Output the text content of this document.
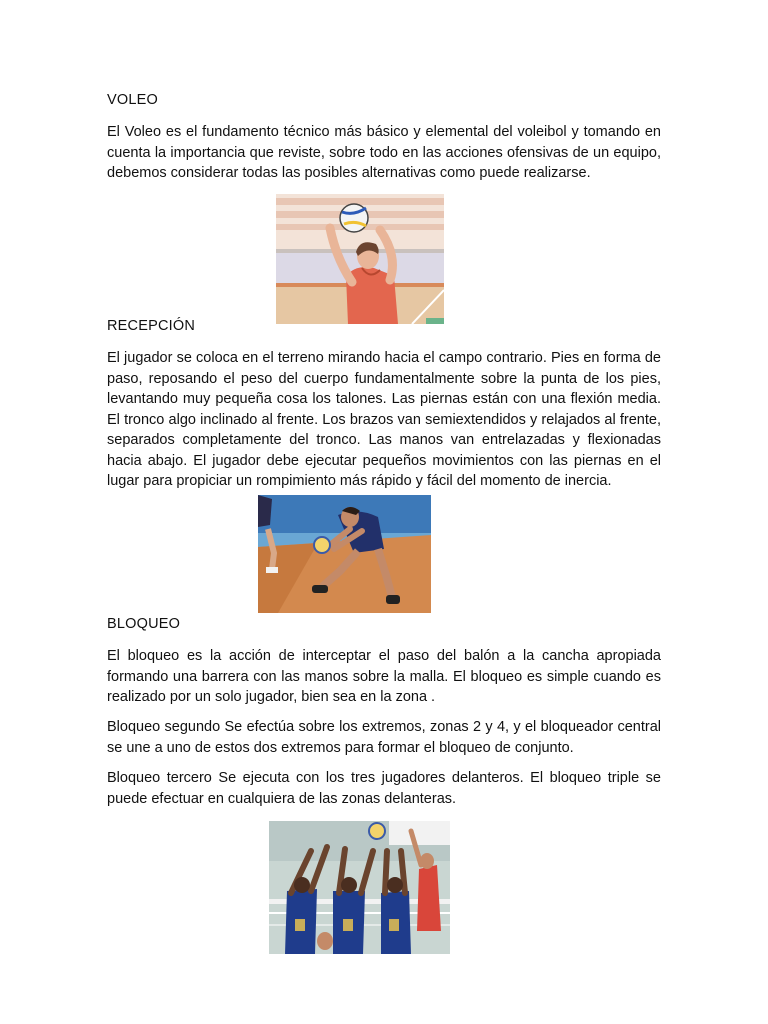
VOLEO

El Voleo es el fundamento técnico más básico y elemental del voleibol y tomando en cuenta la importancia que reviste, sobre todo en las acciones ofensivas de un equipo, debemos considerar todas las posibles alternativas como puede realizarse.

RECEPCIÓN

El jugador se coloca en el terreno mirando hacia el campo contrario. Pies en forma de paso, reposando el peso del cuerpo fundamentalmente sobre la punta de los pies, levantando muy pequeña cosa los talones. Las piernas están con una flexión media. El tronco algo inclinado al frente. Los brazos van semiextendidos y relajados al frente, separados completamente del tronco. Las manos van entrelazadas y flexionadas hacia abajo. El jugador debe ejecutar pequeños movimientos con las piernas en el lugar para propiciar un rompimiento más rápido y fácil del momento de inercia.

BLOQUEO

El bloqueo es la acción de interceptar el paso del balón a la cancha apropiada formando una barrera con las manos sobre la malla. El bloqueo es simple cuando es realizado por un solo jugador, bien sea en la zona .

Bloqueo segundo Se efectúa sobre los extremos, zonas 2 y 4, y el bloqueador central se une a uno de estos dos extremos para formar el bloqueo de conjunto.

Bloqueo tercero Se ejecuta con los tres jugadores delanteros. El bloqueo triple se puede efectuar en cualquiera de las zonas delanteras.
